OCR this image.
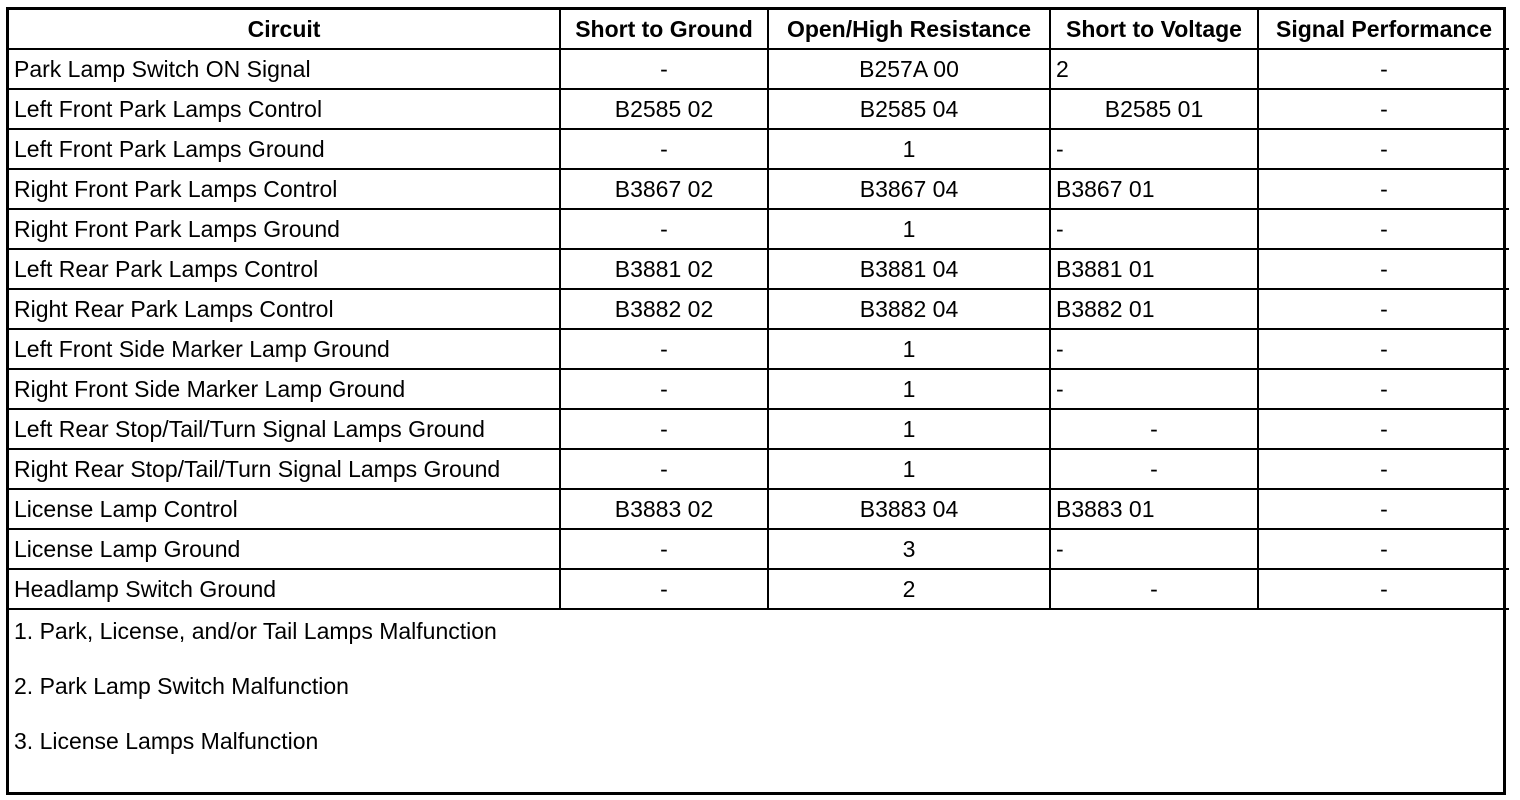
Circuit	Short to Ground	Open/High Resistance	Short to Voltage	Signal Performance
Park Lamp Switch ON Signal	-	B257A 00	2	-
Left Front Park Lamps Control	B2585 02	B2585 04	B2585 01	-
Left Front Park Lamps Ground	-	1	-	-
Right Front Park Lamps Control	B3867 02	B3867 04	B3867 01	-
Right Front Park Lamps Ground	-	1	-	-
Left Rear Park Lamps Control	B3881 02	B3881 04	B3881 01	-
Right Rear Park Lamps Control	B3882 02	B3882 04	B3882 01	-
Left Front Side Marker Lamp Ground	-	1	-	-
Right Front Side Marker Lamp Ground	-	1	-	-
Left Rear Stop/Tail/Turn Signal Lamps Ground	-	1	-	-
Right Rear Stop/Tail/Turn Signal Lamps Ground	-	1	-	-
License Lamp Control	B3883 02	B3883 04	B3883 01	-
License Lamp Ground	-	3	-	-
Headlamp Switch Ground	-	2	-	-

1. Park, License, and/or Tail Lamps Malfunction
2. Park Lamp Switch Malfunction
3. License Lamps Malfunction				
